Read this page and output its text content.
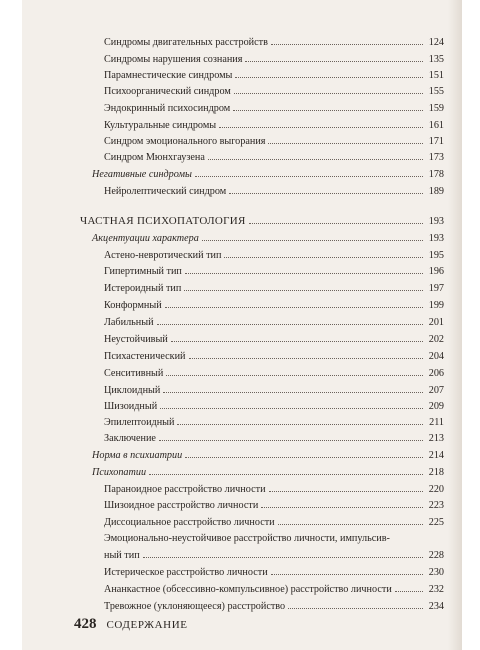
Синдромы двигательных расстройств	124
Синдромы нарушения сознания	135
Парамнестические синдромы	151
Психоорганический синдром	155
Эндокринный психосиндром	159
Культуральные синдромы	161
Синдром эмоционального выгорания	171
Синдром Мюнхгаузена	173
Негативные синдромы	178
Нейролептический синдром	189
ЧАСТНАЯ ПСИХОПАТОЛОГИЯ	193
Акцентуации характера	193
Астено-невротический тип	195
Гипертимный тип	196
Истероидный тип	197
Конформный	199
Лабильный	201
Неустойчивый	202
Психастенический	204
Сенситивный	206
Циклоидный	207
Шизоидный	209
Эпилептоидный	211
Заключение	213
Норма в психиатрии	214
Психопатии	218
Параноидное расстройство личности	220
Шизоидное расстройство личности	223
Диссоциальное расстройство личности	225
Эмоционально-неустойчивое расстройство личности, импульсив-
ный тип	228
Истерическое расстройство личности	230
Ананкастное (обсессивно-компульсивное) расстройство личности	232
Тревожное (уклоняющееся) расстройство	234
428 СОДЕРЖАНИЕ
